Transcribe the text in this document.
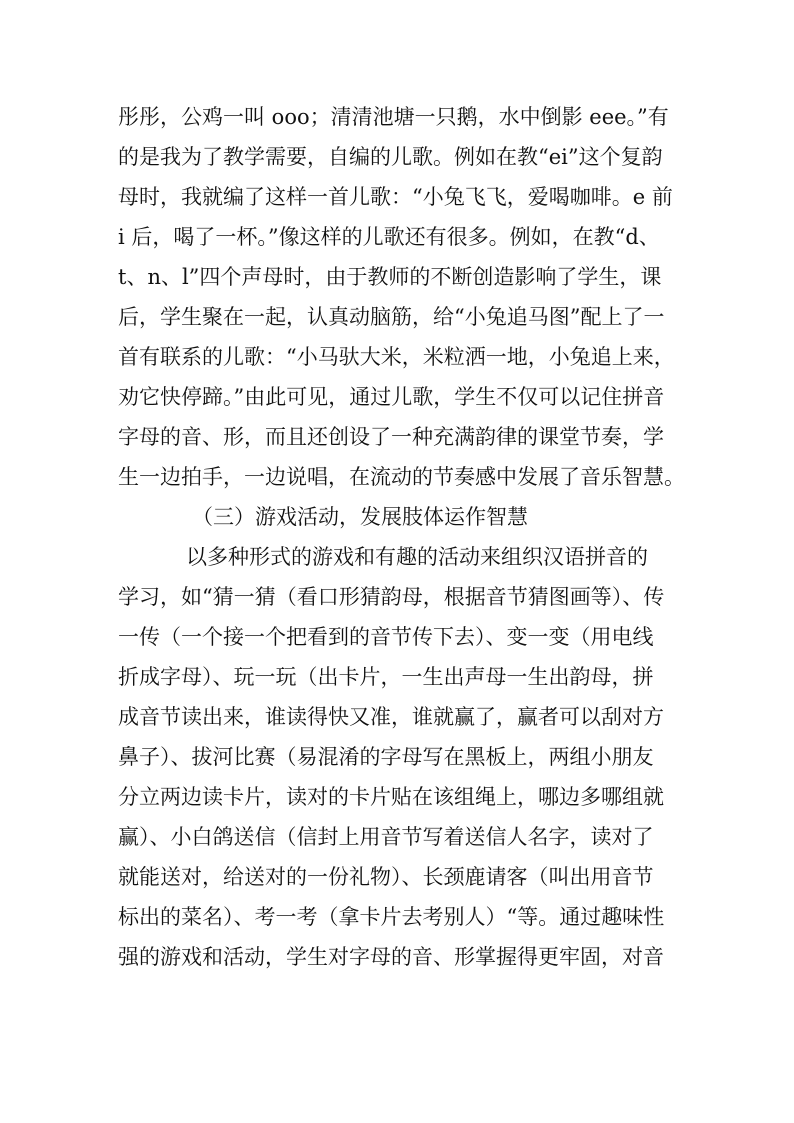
彤彤，公鸡一叫 ooo；清清池塘一只鹅，水中倒影 eee。”有
的是我为了教学需要，自编的儿歌。例如在教“ei”这个复韵
母时，我就编了这样一首儿歌：“小兔飞飞，爱喝咖啡。e 前
i 后，喝了一杯。”像这样的儿歌还有很多。例如，在教“d、
t、n、l”四个声母时，由于教师的不断创造影响了学生，课
后，学生聚在一起，认真动脑筋，给“小兔追马图”配上了一
首有联系的儿歌：“小马驮大米，米粒洒一地，小兔追上来，
劝它快停蹄。”由此可见，通过儿歌，学生不仅可以记住拼音
字母的音、形，而且还创设了一种充满韵律的课堂节奏，学
生一边拍手，一边说唱，在流动的节奏感中发展了音乐智慧。
（三）游戏活动，发展肢体运作智慧
以多种形式的游戏和有趣的活动来组织汉语拼音的
学习，如“猜一猜（看口形猜韵母，根据音节猜图画等）、传
一传（一个接一个把看到的音节传下去）、变一变（用电线
折成字母）、玩一玩（出卡片，一生出声母一生出韵母，拼
成音节读出来，谁读得快又准，谁就赢了，赢者可以刮对方
鼻子）、拔河比赛（易混淆的字母写在黑板上，两组小朋友
分立两边读卡片，读对的卡片贴在该组绳上，哪边多哪组就
赢）、小白鸽送信（信封上用音节写着送信人名字，读对了
就能送对，给送对的一份礼物）、长颈鹿请客（叫出用音节
标出的菜名）、考一考（拿卡片去考别人）“等。通过趣味性
强的游戏和活动，学生对字母的音、形掌握得更牢固，对音
